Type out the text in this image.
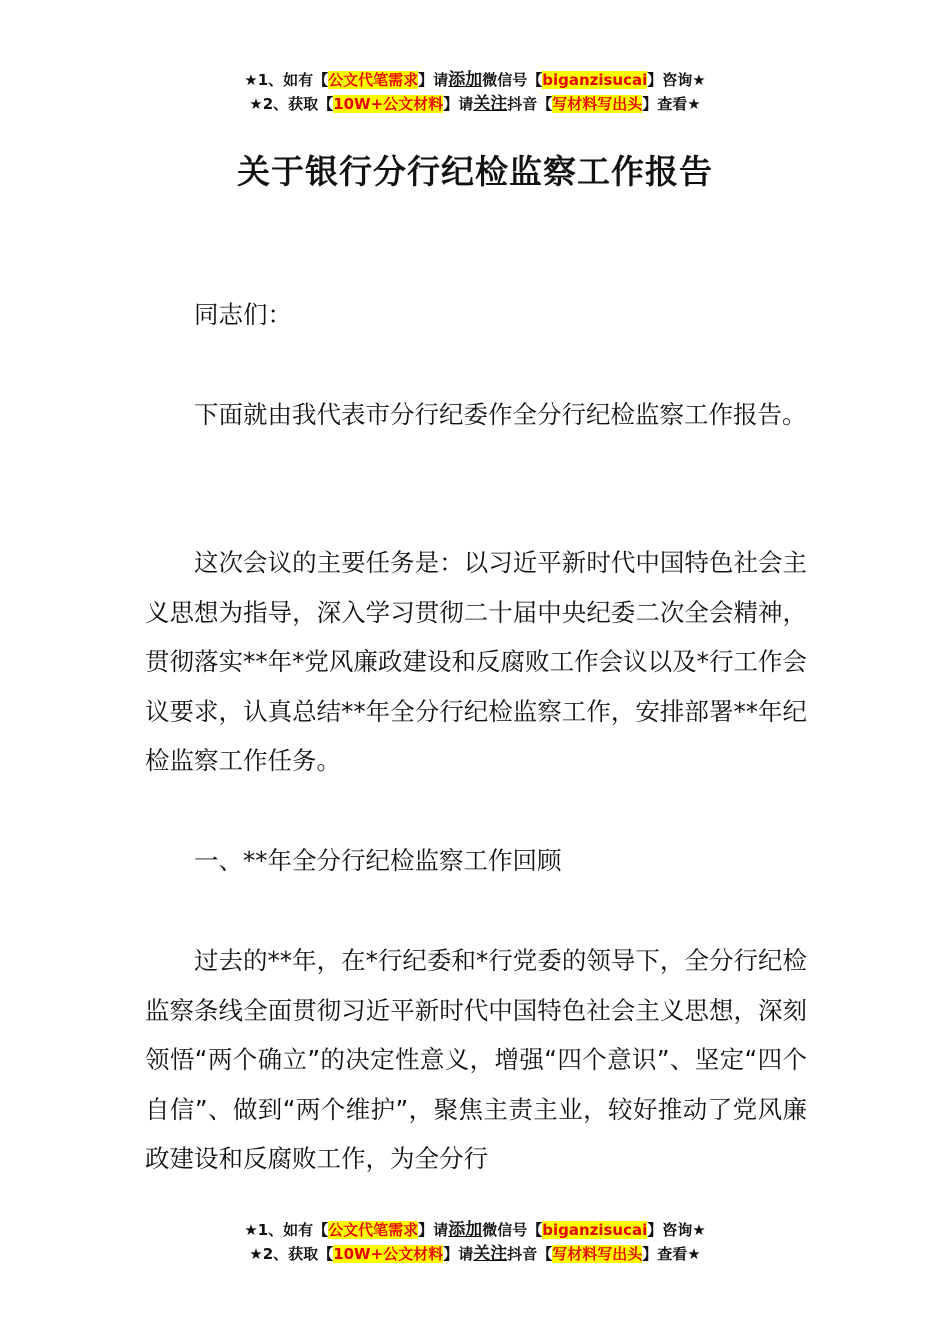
★1、如有【公文代笔需求】请添加微信号【biganzisucai】咨询★
★2、获取【10W+公文材料】请关注抖音【写材料写出头】查看★
关于银行分行纪检监察工作报告

同志们：

下面就由我代表市分行纪委作全分行纪检监察工作报告。

这次会议的主要任务是：以习近平新时代中国特色社会主义思想为指导，深入学习贯彻二十届中央纪委二次全会精神，贯彻落实**年*党风廉政建设和反腐败工作会议以及*行工作会议要求，认真总结**年全分行纪检监察工作，安排部署**年纪检监察工作任务。

一、**年全分行纪检监察工作回顾

过去的**年，在*行纪委和*行党委的领导下，全分行纪检监察条线全面贯彻习近平新时代中国特色社会主义思想，深刻领悟“两个确立”的决定性意义，增强“四个意识”、坚定“四个自信”、做到“两个维护”，聚焦主责主业，较好推动了党风廉政建设和反腐败工作，为全分行

★1、如有【公文代笔需求】请添加微信号【biganzisucai】咨询★
★2、获取【10W+公文材料】请关注抖音【写材料写出头】查看★
